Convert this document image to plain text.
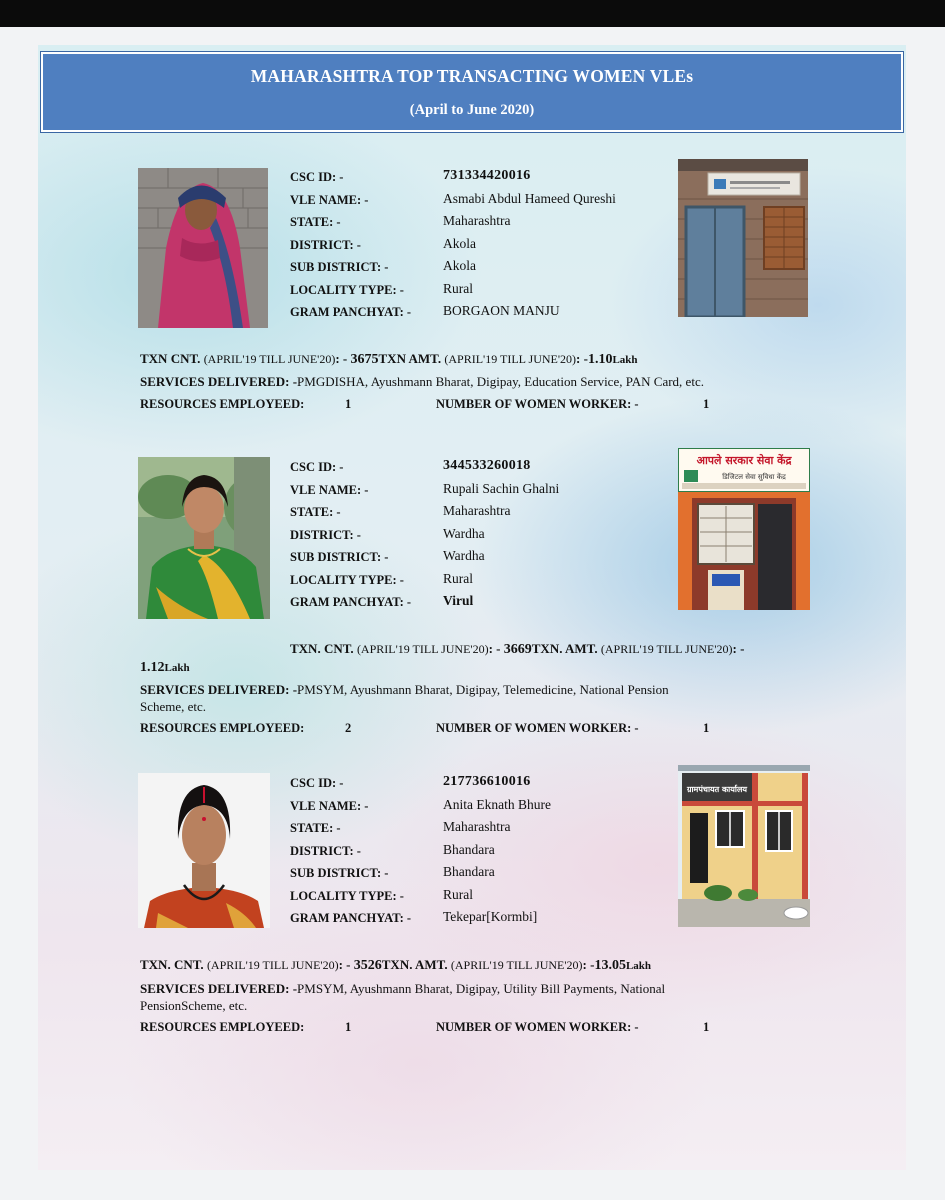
MAHARASHTRA TOP TRANSACTING WOMEN VLEs
(April to June 2020)
CSC ID: -	731334420016
VLE NAME: -	Asmabi Abdul Hameed Qureshi
STATE: -	Maharashtra
DISTRICT: -	Akola
SUB DISTRICT: -	Akola
LOCALITY TYPE: -	Rural
GRAM PANCHYAT: - BORGAON MANJU
TXN CNT. (APRIL'19 TILL JUNE'20): - 3675TXN AMT. (APRIL'19 TILL JUNE'20): -1.10Lakh
SERVICES DELIVERED: -PMGDISHA, Ayushmann Bharat, Digipay, Education Service, PAN Card, etc.
RESOURCES EMPLOYEED:	1	NUMBER OF WOMEN WORKER: -	1
CSC ID: -	344533260018
VLE NAME: -	Rupali Sachin Ghalni
STATE: -	Maharashtra
DISTRICT: -	Wardha
SUB DISTRICT: -	Wardha
LOCALITY TYPE: -	Rural
GRAM PANCHYAT: - Virul
आपले सरकार सेवा केंद्र
डिजिटल सेवा सुविधा केंद्र
TXN. CNT. (APRIL'19 TILL JUNE'20): - 3669TXN. AMT. (APRIL'19 TILL JUNE'20): -
1.12Lakh
SERVICES DELIVERED: -PMSYM, Ayushmann Bharat, Digipay, Telemedicine, National Pension
Scheme, etc.
RESOURCES EMPLOYEED:	2	NUMBER OF WOMEN WORKER: -	1
CSC ID: -	217736610016
VLE NAME: -	Anita Eknath Bhure
STATE: -	Maharashtra
DISTRICT: -	Bhandara
SUB DISTRICT: -	Bhandara
LOCALITY TYPE: -	Rural
GRAM PANCHYAT: - Tekepar[Kormbi]
ग्रामपंचायत कार्यालय
TXN. CNT. (APRIL'19 TILL JUNE'20): - 3526TXN. AMT. (APRIL'19 TILL JUNE'20): -13.05Lakh
SERVICES DELIVERED: -PMSYM, Ayushmann Bharat, Digipay, Utility Bill Payments, National
PensionScheme, etc.
RESOURCES EMPLOYEED:	1	NUMBER OF WOMEN WORKER: -	1
